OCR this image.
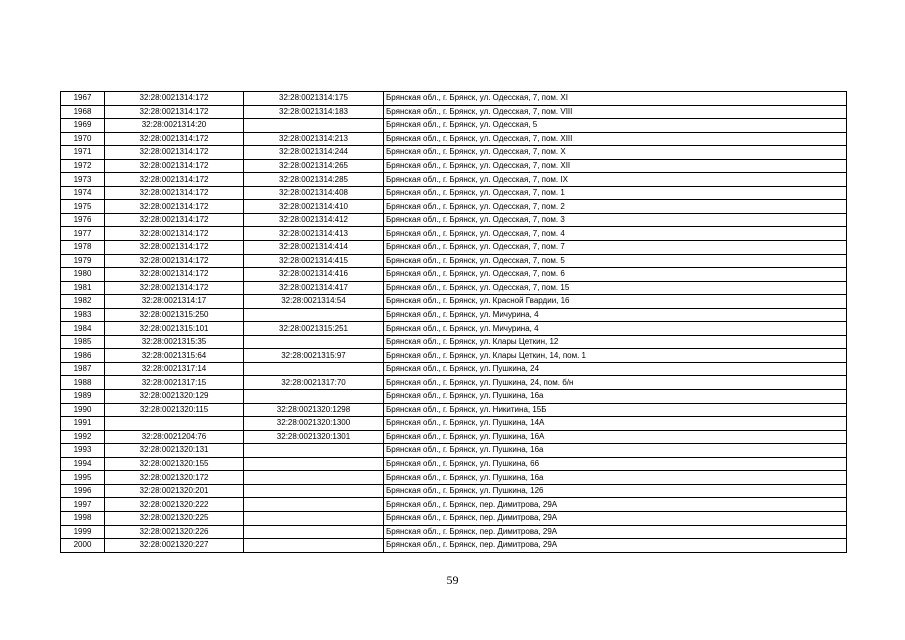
1967	32:28:0021314:172	32:28:0021314:175	Брянская обл., г. Брянск, ул. Одесская, 7, пом. XI
1968	32:28:0021314:172	32:28:0021314:183	Брянская обл., г. Брянск, ул. Одесская, 7, пом. VIII
1969	32:28:0021314:20		Брянская обл., г. Брянск, ул. Одесская, 5
1970	32:28:0021314:172	32:28:0021314:213	Брянская обл., г. Брянск, ул. Одесская, 7, пом. XIII
1971	32:28:0021314:172	32:28:0021314:244	Брянская обл., г. Брянск, ул. Одесская, 7, пом. X
1972	32:28:0021314:172	32:28:0021314:265	Брянская обл., г. Брянск, ул. Одесская, 7, пом. XII
1973	32:28:0021314:172	32:28:0021314:285	Брянская обл., г. Брянск, ул. Одесская, 7, пом. IX
1974	32:28:0021314:172	32:28:0021314:408	Брянская обл., г. Брянск, ул. Одесская, 7, пом. 1
1975	32:28:0021314:172	32:28:0021314:410	Брянская обл., г. Брянск, ул. Одесская, 7, пом. 2
1976	32:28:0021314:172	32:28:0021314:412	Брянская обл., г. Брянск, ул. Одесская, 7, пом. 3
1977	32:28:0021314:172	32:28:0021314:413	Брянская обл., г. Брянск, ул. Одесская, 7, пом. 4
1978	32:28:0021314:172	32:28:0021314:414	Брянская обл., г. Брянск, ул. Одесская, 7, пом. 7
1979	32:28:0021314:172	32:28:0021314:415	Брянская обл., г. Брянск, ул. Одесская, 7, пом. 5
1980	32:28:0021314:172	32:28:0021314:416	Брянская обл., г. Брянск, ул. Одесская, 7, пом. 6
1981	32:28:0021314:172	32:28:0021314:417	Брянская обл., г. Брянск, ул. Одесская, 7, пом. 15
1982	32:28:0021314:17	32:28:0021314:54	Брянская обл., г. Брянск, ул. Красной Гвардии, 16
1983	32:28:0021315:250		Брянская обл., г. Брянск, ул. Мичурина, 4
1984	32:28:0021315:101	32:28:0021315:251	Брянская обл., г. Брянск, ул. Мичурина, 4
1985	32:28:0021315:35		Брянская обл., г. Брянск, ул. Клары Цеткин, 12
1986	32:28:0021315:64	32:28:0021315:97	Брянская обл., г. Брянск, ул. Клары Цеткин, 14, пом. 1
1987	32:28:0021317:14		Брянская обл., г. Брянск, ул. Пушкина, 24
1988	32:28:0021317:15	32:28:0021317:70	Брянская обл., г. Брянск, ул. Пушкина, 24, пом. б/н
1989	32:28:0021320:129		Брянская обл., г. Брянск, ул. Пушкина, 16а
1990	32:28:0021320:115	32:28:0021320:1298	Брянская обл., г. Брянск, ул. Никитина, 15Б
1991		32:28:0021320:1300	Брянская обл., г. Брянск, ул. Пушкина, 14А
1992	32:28:0021204:76	32:28:0021320:1301	Брянская обл., г. Брянск, ул. Пушкина, 16А
1993	32:28:0021320:131		Брянская обл., г. Брянск, ул. Пушкина, 16а
1994	32:28:0021320:155		Брянская обл., г. Брянск, ул. Пушкина, 66
1995	32:28:0021320:172		Брянская обл., г. Брянск, ул. Пушкина, 16а
1996	32:28:0021320:201		Брянская обл., г. Брянск, ул. Пушкина, 126
1997	32:28:0021320:222		Брянская обл., г. Брянск, пер. Димитрова, 29А
1998	32:28:0021320:225		Брянская обл., г. Брянск, пер. Димитрова, 29А
1999	32:28:0021320:226		Брянская обл., г. Брянск, пер. Димитрова, 29А
2000	32:28:0021320:227		Брянская обл., г. Брянск, пер. Димитрова, 29А
59
